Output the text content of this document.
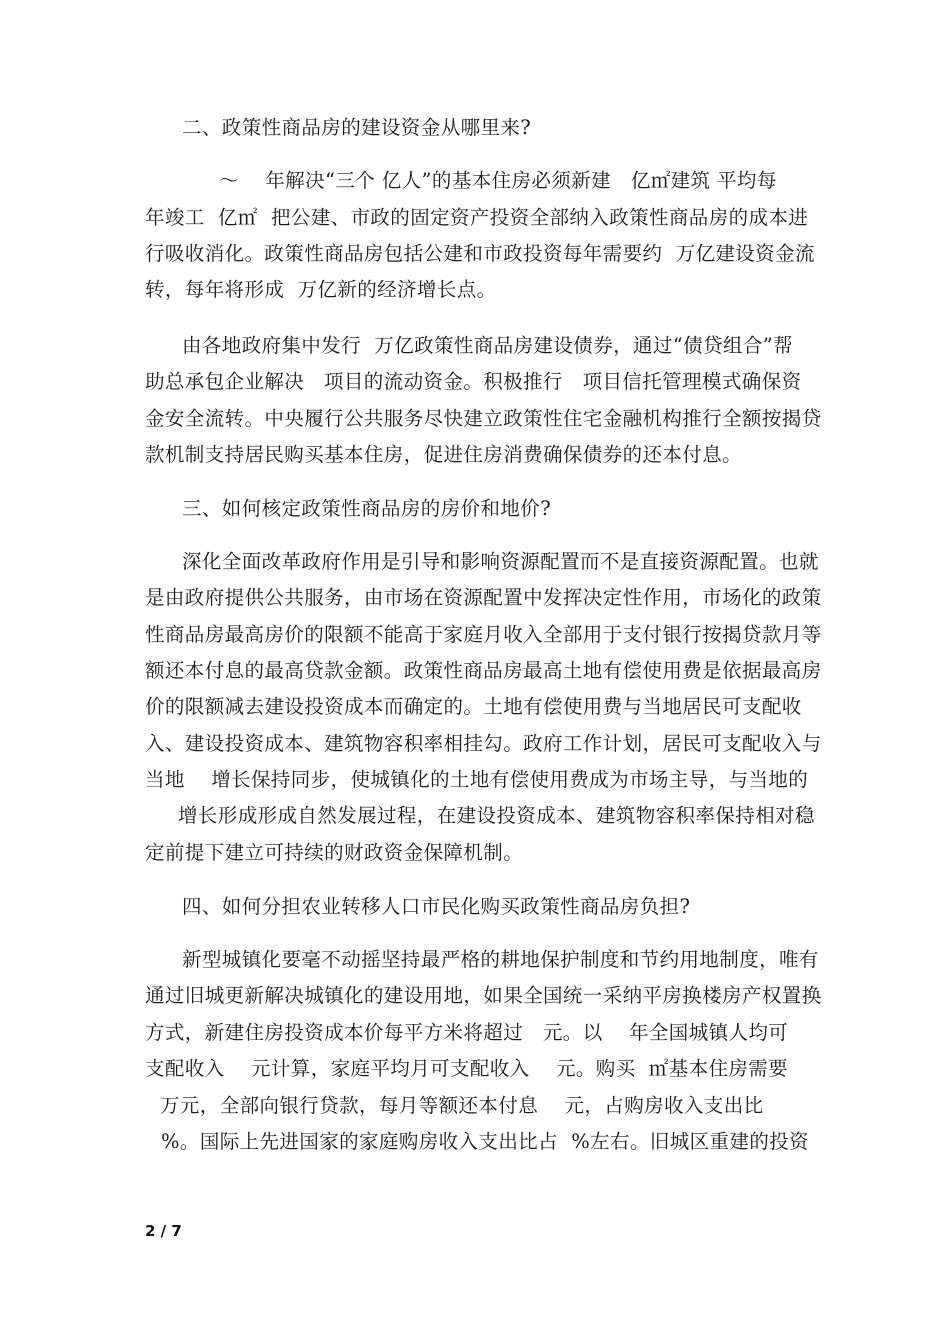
二、政策性商品房的建设资金从哪里来?
～    年解决“三个 亿人”的基本住房必须新建   亿㎡建筑 平均每
年竣工  亿㎡  把公建、市政的固定资产投资全部纳入政策性商品房的成本进
行吸收消化。政策性商品房包括公建和市政投资每年需要约  万亿建设资金流
转，每年将形成  万亿新的经济增长点。
由各地政府集中发行  万亿政策性商品房建设债券，通过“债贷组合”帮
助总承包企业解决   项目的流动资金。积极推行   项目信托管理模式确保资
金安全流转。中央履行公共服务尽快建立政策性住宅金融机构推行全额按揭贷
款机制支持居民购买基本住房，促进住房消费确保债券的还本付息。
三、如何核定政策性商品房的房价和地价?
深化全面改革政府作用是引导和影响资源配置而不是直接资源配置。也就
是由政府提供公共服务，由市场在资源配置中发挥决定性作用，市场化的政策
性商品房最高房价的限额不能高于家庭月收入全部用于支付银行按揭贷款月等
额还本付息的最高贷款金额。政策性商品房最高土地有偿使用费是依据最高房
价的限额减去建设投资成本而确定的。土地有偿使用费与当地居民可支配收
入、建设投资成本、建筑物容积率相挂勾。政府工作计划，居民可支配收入与
当地    增长保持同步，使城镇化的土地有偿使用费成为市场主导，与当地的
增长形成形成自然发展过程，在建设投资成本、建筑物容积率保持相对稳
定前提下建立可持续的财政资金保障机制。
四、如何分担农业转移人口市民化购买政策性商品房负担?
新型城镇化要毫不动摇坚持最严格的耕地保护制度和节约用地制度，唯有
通过旧城更新解决城镇化的建设用地，如果全国统一采纳平房换楼房产权置换
方式，新建住房投资成本价每平方米将超过   元。以    年全国城镇人均可
支配收入    元计算，家庭平均月可支配收入    元。购买  ㎡基本住房需要
万元，全部向银行贷款，每月等额还本付息    元，占购房收入支出比
%。国际上先进国家的家庭购房收入支出比占  %左右。旧城区重建的投资
2 / 7
